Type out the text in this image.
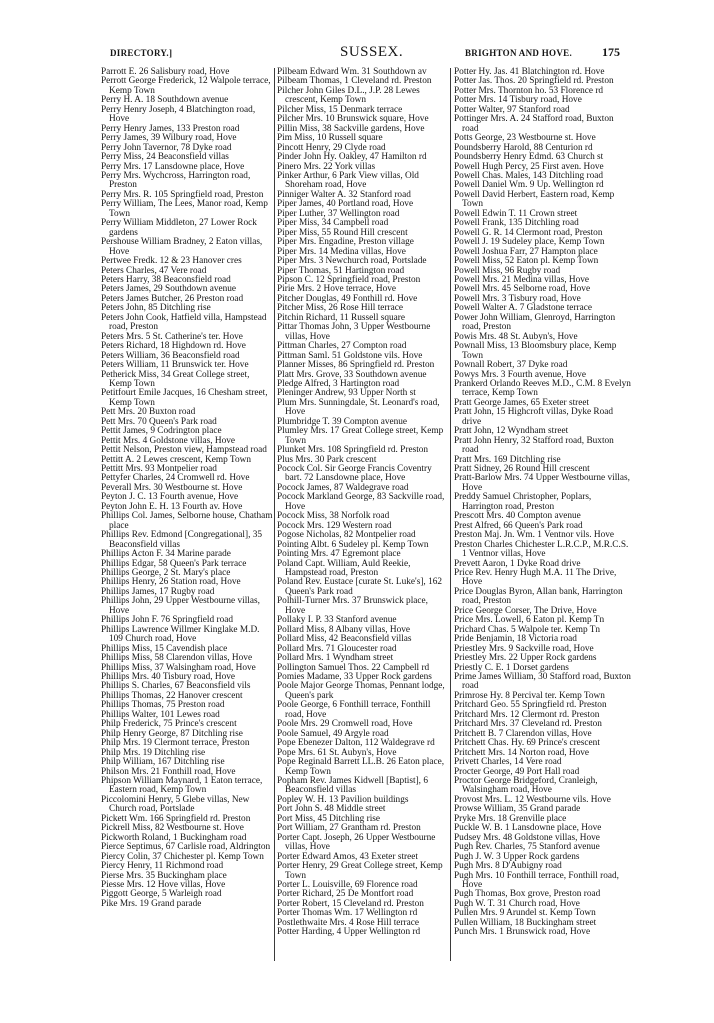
DIRECTORY.]	SUSSEX.	BRIGHTON AND HOVE. 175
Parrott E. 26 Salisbury road, Hove
Perrott George Frederick, 12 Walpole terrace, Kemp Town
Perry H. A. 18 Southdown avenue
Perry Henry Joseph, 4 Blatchington road, Hove
Perry Henry James, 133 Preston road
Perry James, 39 Wilbury road, Hove
Perry John Tavernor, 78 Dyke road
Perry Miss, 24 Beaconsfield villas
Perry Mrs. 17 Lansdowne place, Hove
Perry Mrs. Wychcross, Harrington road, Preston
Perry Mrs. R. 105 Springfield road, Preston
Perry William, The Lees, Manor road, Kemp Town
Perry William Middleton, 27 Lower Rock gardens
Pershouse William Bradney, 2 Eaton villas, Hove
Pertwee Fredk. 12 & 23 Hanover cres
Peters Charles, 47 Vere road
Peters Harry, 38 Beaconsfield road
Peters James, 29 Southdown avenue
Peters James Butcher, 26 Preston road
Peters John, 85 Ditchling rise
Peters John Cook, Hatfield villa, Hampstead road, Preston
Peters Mrs. 5 St. Catherine's ter. Hove
Peters Richard, 18 Highdown rd. Hove
Peters William, 36 Beaconsfield road
Peters William, 11 Brunswick ter. Hove
Petherick Miss, 34 Great College street, Kemp Town
Petitfourt Emile Jacques, 16 Chesham street, Kemp Town
Pett Mrs. 20 Buxton road
Pett Mrs. 70 Queen's Park road
Pettit James, 9 Codrington place
Pettit Mrs. 4 Goldstone villas, Hove
Pettit Nelson, Preston view, Hampstead road
Pettitt A. 2 Lewes crescent, Kemp Town
Pettitt Mrs. 93 Montpelier road
Pettyfer Charles, 24 Cromwell rd. Hove
Peverall Mrs. 30 Westbourne st. Hove
Peyton J. C. 13 Fourth avenue, Hove
Peyton John E. H. 13 Fourth av. Hove
Phillips Col. James, Selborne house, Chatham place
Phillips Rev. Edmond [Congregational], 35 Beaconsfield villas
Phillips Acton F. 34 Marine parade
Phillips Edgar, 58 Queen's Park terrace
Phillips George, 2 St. Mary's place
Phillips Henry, 26 Station road, Hove
Phillips James, 17 Rugby road
Phillips John, 29 Upper Westbourne villas, Hove
Phillips John F. 76 Springfield road
Phillips Lawrence Willmer Kinglake M.D. 109 Church road, Hove
Phillips Miss, 15 Cavendish place
Phillips Miss, 58 Clarendon villas, Hove
Phillips Miss, 37 Walsingham road, Hove
Phillips Mrs. 40 Tisbury road, Hove
Phillips S. Charles, 67 Beaconsfield vils
Phillips Thomas, 22 Hanover crescent
Phillips Thomas, 75 Preston road
Phillips Walter, 101 Lewes road
Philp Frederick, 75 Prince's crescent
Philp Henry George, 87 Ditchling rise
Philp Mrs. 19 Clermont terrace, Preston
Philp Mrs. 19 Ditchling rise
Philp William, 167 Ditchling rise
Philson Mrs. 21 Fonthill road, Hove
Phipson William Maynard, 1 Eaton terrace, Eastern road, Kemp Town
Piccolomini Henry, 5 Glebe villas, New Church road, Portslade
Pickett Wm. 166 Springfield rd. Preston
Pickrell Miss, 82 Westbourne st. Hove
Pickworth Roland, 1 Buckingham road
Pierce Septimus, 67 Carlisle road, Aldrington
Piercy Colin, 37 Chichester pl. Kemp Town
Piercy Henry, 11 Richmond road
Pierse Mrs. 35 Buckingham place
Piesse Mrs. 12 Hove villas, Hove
Piggott George, 5 Warleigh road
Pike Mrs. 19 Grand parade
Pilbeam Edward Wm. 31 Southdown av
Pilbeam Thomas, 1 Cleveland rd. Preston
Pilcher John Giles D.L., J.P. 28 Lewes crescent, Kemp Town
Pilcher Miss, 15 Denmark terrace
Pilcher Mrs. 10 Brunswick square, Hove
Pillin Miss, 38 Sackville gardens, Hove
Pim Miss, 10 Russell square
Pincott Henry, 29 Clyde road
Pinder John Hy. Oakley, 47 Hamilton rd
Pinero Mrs. 22 York villas
Pinker Arthur, 6 Park View villas, Old Shoreham road, Hove
Pinniger Walter A. 32 Stanford road
Piper James, 40 Portland road, Hove
Piper Luther, 37 Wellington road
Piper Miss, 34 Campbell road
Piper Miss, 55 Round Hill crescent
Piper Mrs. Engadine, Preston village
Piper Mrs. 14 Medina villas, Hove
Piper Mrs. 3 Newchurch road, Portslade
Piper Thomas, 51 Hartington road
Pipson C. 12 Springfield road, Preston
Pirie Mrs. 2 Hove terrace, Hove
Pitcher Douglas, 49 Fonthill rd. Hove
Pitcher Miss, 26 Rose Hill terrace
Pitchin Richard, 11 Russell square
Pittar Thomas John, 3 Upper Westbourne villas, Hove
Pittman Charles, 27 Compton road
Pittman Saml. 51 Goldstone vils. Hove
Planner Misses, 86 Springfield rd. Preston
Platt Mrs. Grove, 33 Southdown avenue
Pledge Alfred, 3 Hartington road
Pleninger Andrew, 93 Upper North st
Plum Mrs. Sunningdale, St. Leonard's road, Hove
Plumbridge T. 39 Compton avenue
Plumley Mrs. 17 Great College street, Kemp Town
Plunket Mrs. 108 Springfield rd. Preston
Plus Mrs. 30 Park crescent
Pocock Col. Sir George Francis Coventry bart. 72 Lansdowne place, Hove
Pocock James, 87 Waldegrave road
Pocock Markland George, 83 Sackville road, Hove
Pocock Miss, 38 Norfolk road
Pocock Mrs. 129 Western road
Pogose Nicholas, 82 Montpelier road
Pointing Albt. 6 Sudeley pl. Kemp Town
Pointing Mrs. 47 Egremont place
Poland Capt. William, Auld Reekie, Hampstead road, Preston
Poland Rev. Eustace [curate St. Luke's], 162 Queen's Park road
Polhill-Turner Mrs. 37 Brunswick place, Hove
Pollaky I. P. 33 Stanford avenue
Pollard Miss, 8 Albany villas, Hove
Pollard Miss, 42 Beaconsfield villas
Pollard Mrs. 71 Gloucester road
Pollard Mrs. 1 Wyndham street
Pollington Samuel Thos. 22 Campbell rd
Pomies Madame, 33 Upper Rock gardens
Poole Major George Thomas, Pennant lodge, Queen's park
Poole George, 6 Fonthill terrace, Fonthill road, Hove
Poole Mrs. 29 Cromwell road, Hove
Poole Samuel, 49 Argyle road
Pope Ebenezer Dalton, 112 Waldegrave rd
Pope Mrs. 61 St. Aubyn's, Hove
Pope Reginald Barrett LL.B. 26 Eaton place, Kemp Town
Popham Rev. James Kidwell [Baptist], 6 Beaconsfield villas
Popley W. H. 13 Pavilion buildings
Port John S. 48 Middle street
Port Miss, 45 Ditchling rise
Port William, 27 Grantham rd. Preston
Porter Capt. Joseph, 26 Upper Westbourne villas, Hove
Porter Edward Amos, 43 Exeter street
Porter Henry, 29 Great College street, Kemp Town
Porter L. Louisville, 69 Florence road
Porter Richard, 25 De Montfort road
Porter Robert, 15 Cleveland rd. Preston
Porter Thomas Wm. 17 Wellington rd
Postlethwaite Mrs. 4 Rose Hill terrace
Potter Harding, 4 Upper Wellington rd
Potter Hy. Jas. 41 Blatchington rd. Hove
Potter Jas. Thos. 20 Springfield rd. Preston
Potter Mrs. Thornton ho. 53 Florence rd
Potter Mrs. 14 Tisbury road, Hove
Potter Walter, 97 Stanford road
Pottinger Mrs. A. 24 Stafford road, Buxton road
Potts George, 23 Westbourne st. Hove
Poundsberry Harold, 88 Centurion rd
Poundsberry Henry Edmd. 63 Church st
Powell Hugh Percy, 25 First aven. Hove
Powell Chas. Males, 143 Ditchling road
Powell Daniel Wm. 9 Up. Wellington rd
Powell David Herbert, Eastern road, Kemp Town
Powell Edwin T. 11 Crown street
Powell Frank, 135 Ditchling road
Powell G. R. 14 Clermont road, Preston
Powell J. 19 Sudeley place, Kemp Town
Powell Joshua Farr, 27 Hampton place
Powell Miss, 52 Eaton pl. Kemp Town
Powell Miss, 96 Rugby road
Powell Mrs. 21 Medina villas, Hove
Powell Mrs. 45 Selborne road, Hove
Powell Mrs. 3 Tisbury road, Hove
Powell Walter A. 7 Gladstone terrace
Power John William, Glenroyd, Harrington road, Preston
Powis Mrs. 48 St. Aubyn's, Hove
Pownall Miss, 13 Bloomsbury place, Kemp Town
Pownall Robert, 37 Dyke road
Powys Mrs. 3 Fourth avenue, Hove
Prankerd Orlando Reeves M.D., C.M. 8 Evelyn terrace, Kemp Town
Pratt George James, 65 Exeter street
Pratt John, 15 Highcroft villas, Dyke Road drive
Pratt John, 12 Wyndham street
Pratt John Henry, 32 Stafford road, Buxton road
Pratt Mrs. 169 Ditchling rise
Pratt Sidney, 26 Round Hill crescent
Pratt-Barlow Mrs. 74 Upper Westbourne villas, Hove
Preddy Samuel Christopher, Poplars, Harrington road, Preston
Prescott Mrs. 40 Compton avenue
Prest Alfred, 66 Queen's Park road
Preston Maj. Jn. Wm. 1 Ventnor vils. Hove
Preston Charles Chichester L.R.C.P., M.R.C.S. 1 Ventnor villas, Hove
Prevett Aaron, 1 Dyke Road drive
Price Rev. Henry Hugh M.A. 11 The Drive, Hove
Price Douglas Byron, Allan bank, Harrington road, Preston
Price George Corser, The Drive, Hove
Price Mrs. Lowell, 6 Eaton pl. Kemp Tn
Prichard Chas. 5 Walpole ter. Kemp Tn
Pride Benjamin, 18 Victoria road
Priestley Mrs. 9 Sackville road, Hove
Priestley Mrs. 22 Upper Rock gardens
Priestly C. E. 1 Dorset gardens
Prime James William, 30 Stafford road, Buxton road
Primrose Hy. 8 Percival ter. Kemp Town
Pritchard Geo. 55 Springfield rd. Preston
Pritchard Mrs. 12 Clermont rd. Preston
Pritchard Mrs. 37 Cleveland rd. Preston
Pritchett B. 7 Clarendon villas, Hove
Pritchett Chas. Hy. 69 Prince's crescent
Pritchett Mrs. 14 Norton road, Hove
Privett Charles, 14 Vere road
Procter George, 49 Port Hall road
Proctor George Bridgeford, Cranleigh, Walsingham road, Hove
Provost Mrs. L. 12 Westbourne vils. Hove
Prowse William, 35 Grand parade
Pryke Mrs. 18 Grenville place
Puckle W. B. 1 Lansdowne place, Hove
Pudsey Mrs. 48 Goldstone villas, Hove
Pugh Rev. Charles, 75 Stanford avenue
Pugh J. W. 3 Upper Rock gardens
Pugh Mrs. 8 D'Aubigny road
Pugh Mrs. 10 Fonthill terrace, Fonthill road, Hove
Pugh Thomas, Box grove, Preston road
Pugh W. T. 31 Church road, Hove
Pullen Mrs. 9 Arundel st. Kemp Town
Pullen William, 18 Buckingham street
Punch Mrs. 1 Brunswick road, Hove
